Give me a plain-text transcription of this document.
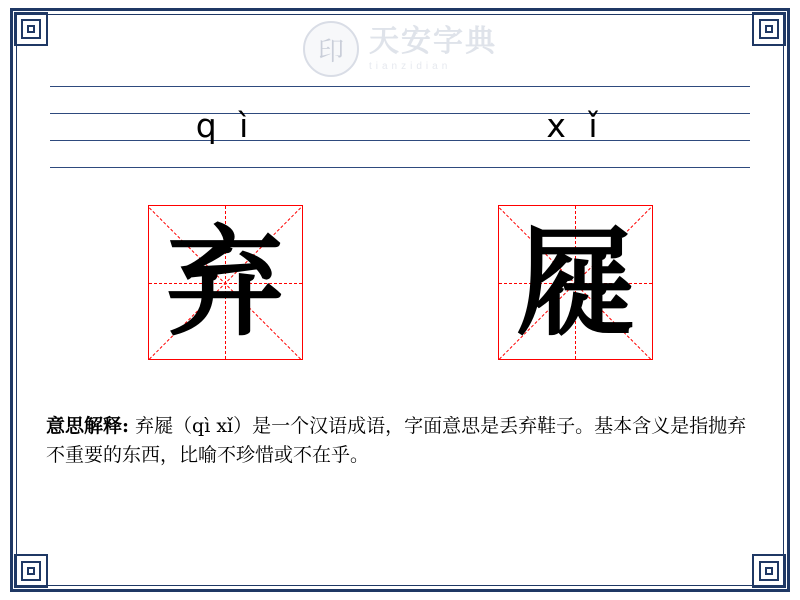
印 天安字典
tianzidian
q ì	x ǐ
弃 屣
意思解释: 弃屣（qì xǐ）是一个汉语成语，字面意思是丢弃鞋子。基本含义是指抛弃不重要的东西，比喻不珍惜或不在乎。
